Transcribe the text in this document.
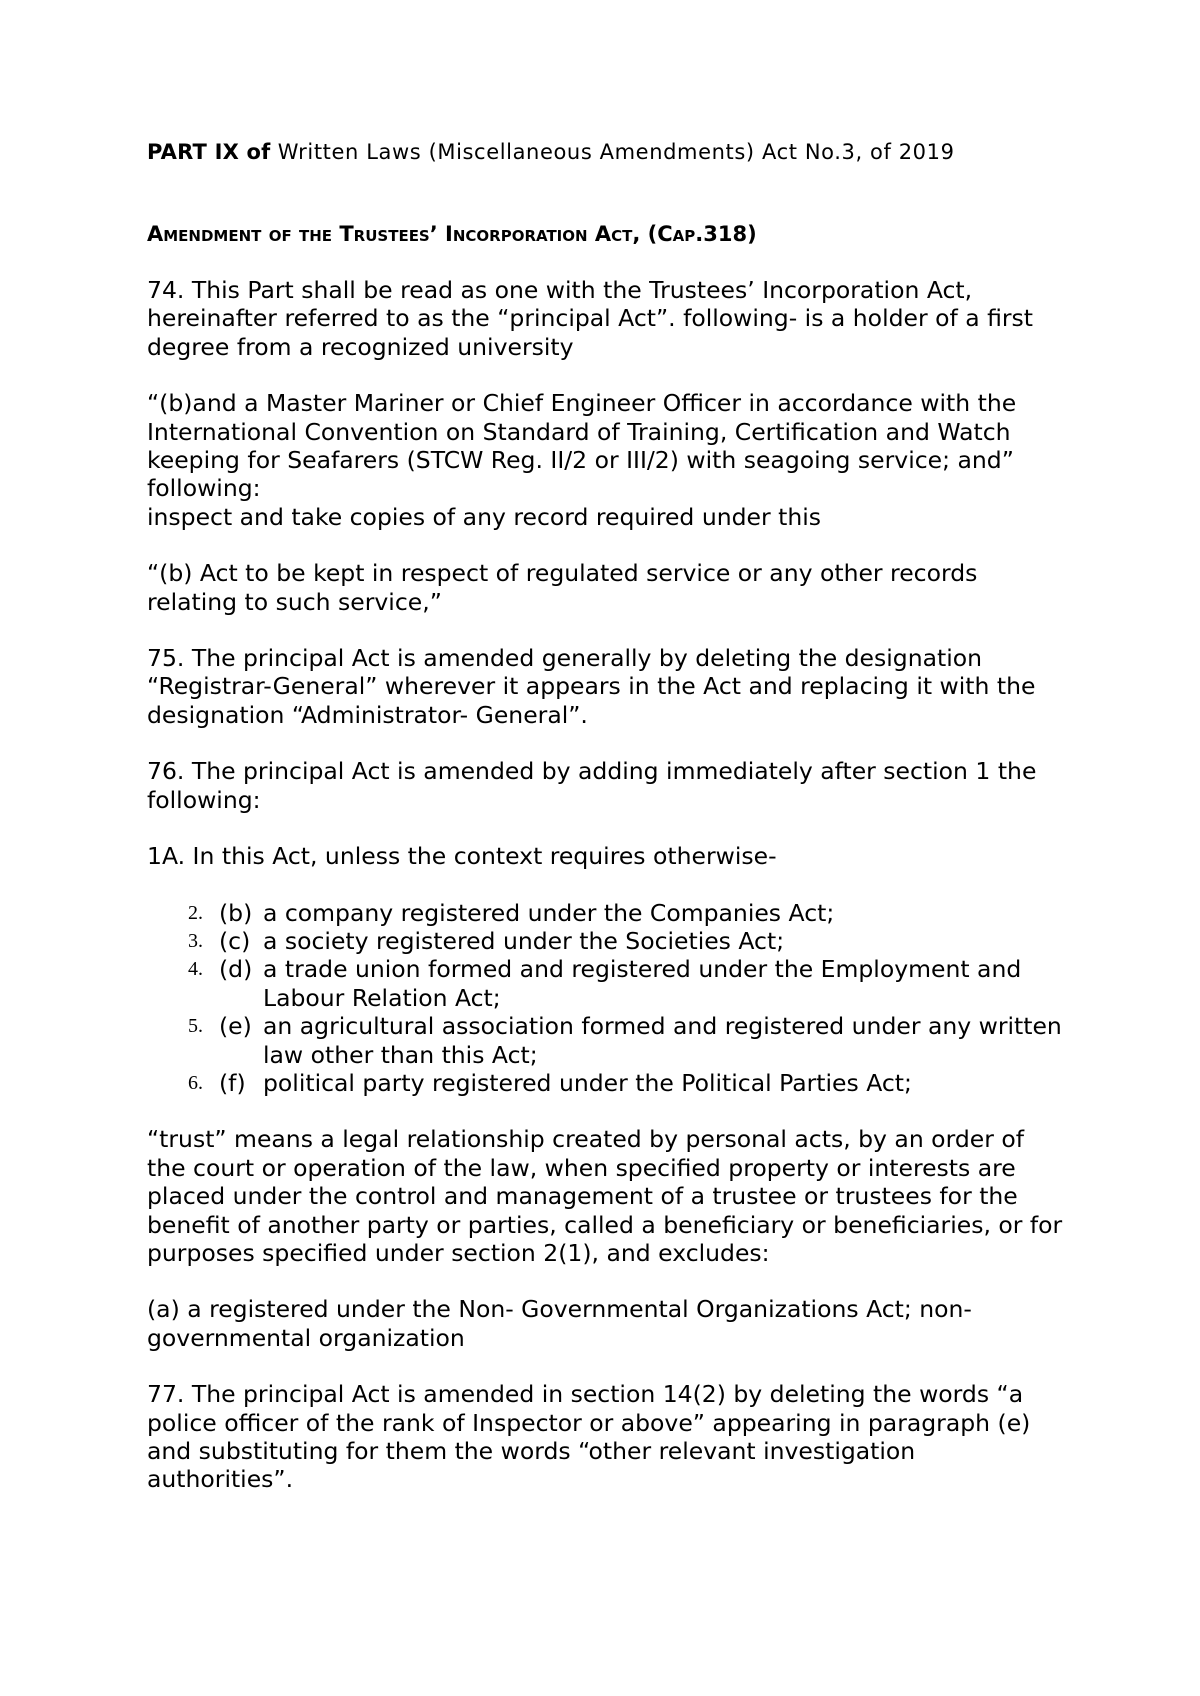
PART IX of Written Laws (Miscellaneous Amendments) Act No.3, of 2019

Amendment of the Trustees’ Incorporation Act, (Cap.318)

74. This Part shall be read as one with the Trustees’ Incorporation Act, hereinafter referred to as the “principal Act”. following- is a holder of a first degree from a recognized university

“(b)and a Master Mariner or Chief Engineer Officer in accordance with the International Convention on Standard of Training, Certification and Watch keeping for Seafarers (STCW Reg. II/2 or III/2) with seagoing service; and” following:

inspect and take copies of any record required under this

“(b) Act to be kept in respect of regulated service or any other records relating to such service,”

75. The principal Act is amended generally by deleting the designation “Registrar-General” wherever it appears in the Act and replacing it with the designation “Administrator- General”.

76. The principal Act is amended by adding immediately after section 1 the following:

1A. In this Act, unless the context requires otherwise-

2. (b) a company registered under the Companies Act;
3. (c) a society registered under the Societies Act;
4. (d) a trade union formed and registered under the Employment and Labour Relation Act;
5. (e) an agricultural association formed and registered under any written law other than this Act;
6. (f) political party registered under the Political Parties Act;

“trust” means a legal relationship created by personal acts, by an order of the court or operation of the law, when specified property or interests are placed under the control and management of a trustee or trustees for the benefit of another party or parties, called a beneficiary or beneficiaries, or for purposes specified under section 2(1), and excludes:

(a) a registered under the Non- Governmental Organizations Act; non-governmental organization

77. The principal Act is amended in section 14(2) by deleting the words “a police officer of the rank of Inspector or above” appearing in paragraph (e) and substituting for them the words “other relevant investigation authorities”.
